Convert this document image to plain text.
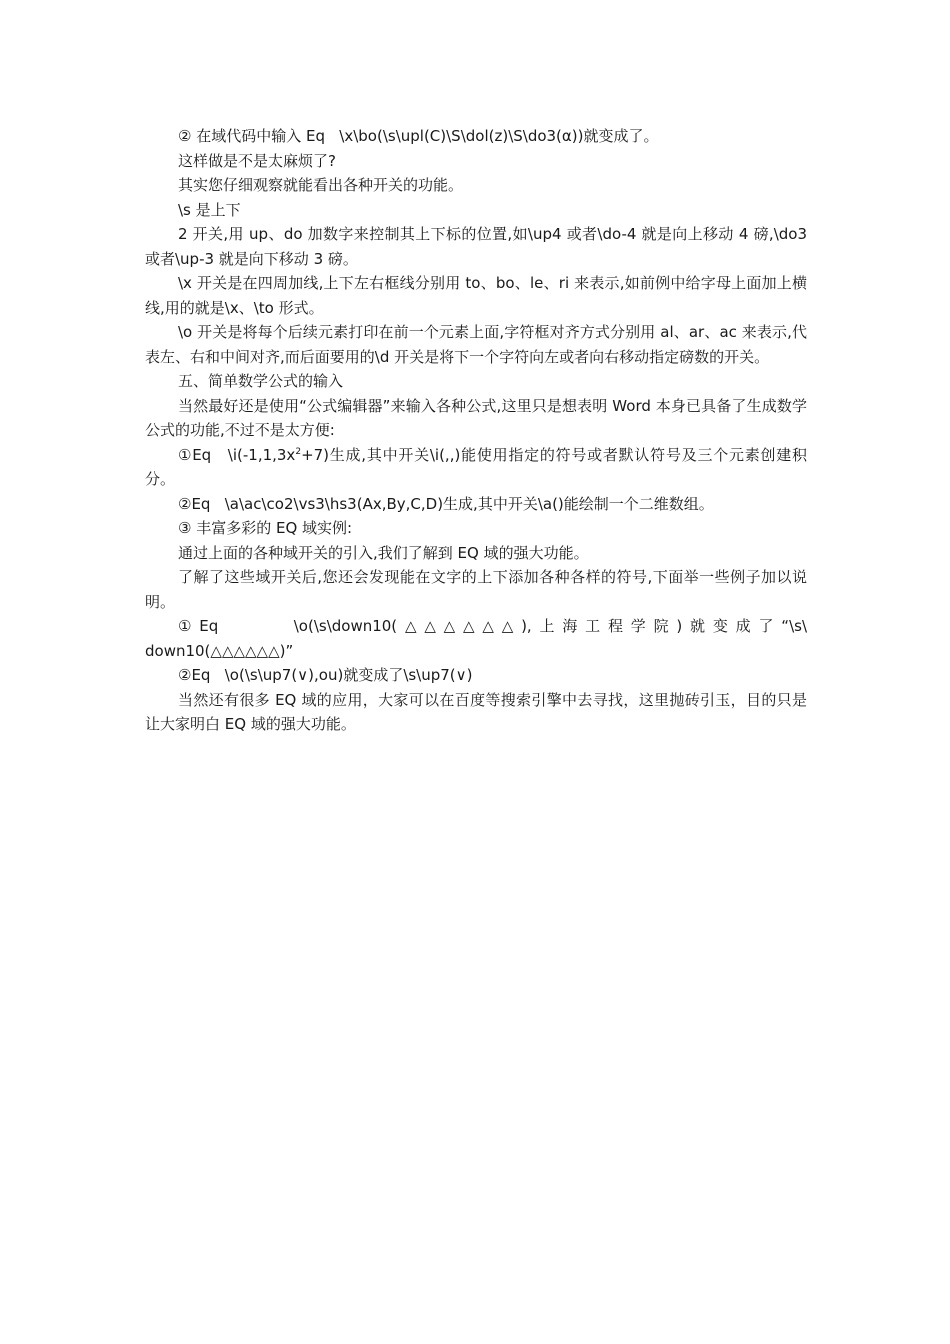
② 在域代码中输入 Eq   \x\bo(\s\upl(C)\S\dol(z)\S\do3(α))就变成了。

这样做是不是太麻烦了?

其实您仔细观察就能看出各种开关的功能。

\s 是上下

2 开关,用 up、do 加数字来控制其上下标的位置,如\up4 或者\do-4 就是向上移动 4 磅,\do3 或者\up-3 就是向下移动 3 磅。

\x 开关是在四周加线,上下左右框线分别用 to、bo、le、ri 来表示,如前例中给字母上面加上横线,用的就是\x、\to 形式。

\o 开关是将每个后续元素打印在前一个元素上面,字符框对齐方式分别用 al、ar、ac 来表示,代表左、右和中间对齐,而后面要用的\d 开关是将下一个字符向左或者向右移动指定磅数的开关。

五、简单数学公式的输入

当然最好还是使用“公式编辑器”来输入各种公式,这里只是想表明 Word 本身已具备了生成数学公式的功能,不过不是太方便:

①Eq   $\backslash i(-1,1,3x^2+7)$生成,其中开关\i(,,)能使用指定的符号或者默认符号及三个元素创建积分。

②Eq   \a\ac\co2\vs3\hs3(Ax,By,C,D)生成,其中开关\a()能绘制一个二维数组。

③ 丰富多彩的 EQ 域实例:

通过上面的各种域开关的引入,我们了解到 EQ 域的强大功能。

了解了这些域开关后,您还会发现能在文字的上下添加各种各样的符号,下面举一些例子加以说明。

①Eq      \o(\s\down10(△△△△△△),上海工程学院)就变成了“\s\

down10(△△△△△△)”

②Eq   \o(\s\up7(∨),ou)就变成了\s\up7(∨)

当然还有很多 EQ 域的应用，大家可以在百度等搜索引擎中去寻找，这里抛砖引玉，目的只是让大家明白 EQ 域的强大功能。
